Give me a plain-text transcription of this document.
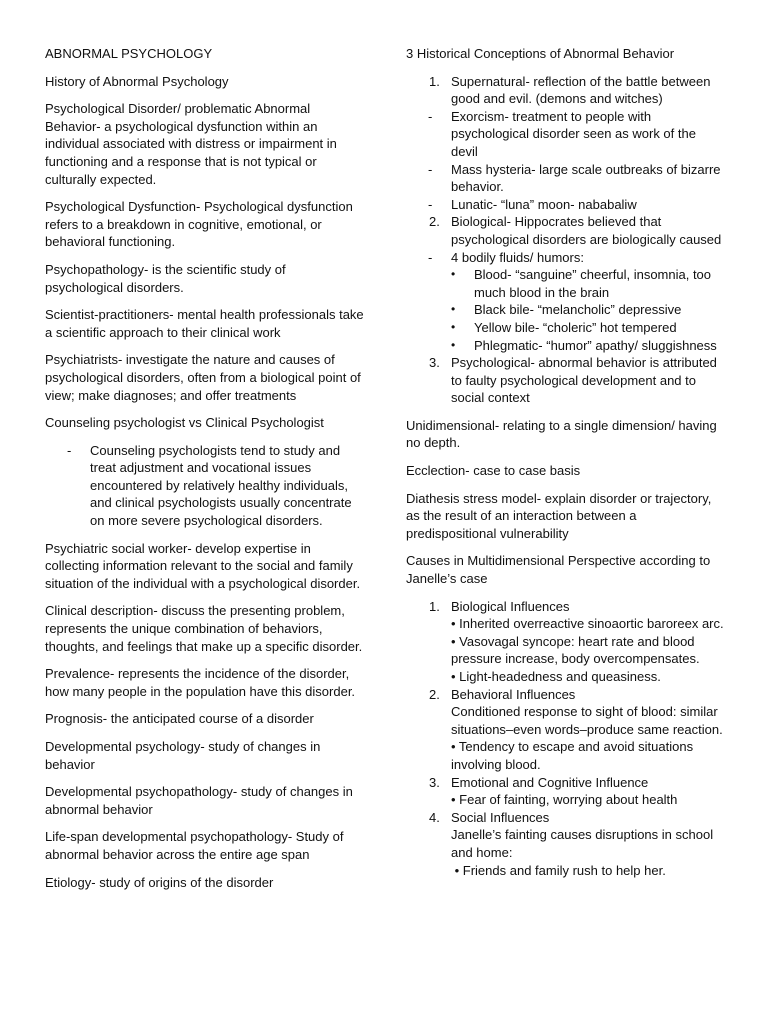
ABNORMAL PSYCHOLOGY

History of Abnormal Psychology

Psychological Disorder/ problematic Abnormal Behavior- a psychological dysfunction within an individual associated with distress or impairment in functioning and a response that is not typical or culturally expected.

Psychological Dysfunction- Psychological dysfunction refers to a breakdown in cognitive, emotional, or behavioral functioning.

Psychopathology- is the scientific study of psychological disorders.

Scientist-practitioners- mental health professionals take a scientific approach to their clinical work

Psychiatrists- investigate the nature and causes of psychological disorders, often from a biological point of view; make diagnoses; and offer treatments

Counseling psychologist vs Clinical Psychologist

-	Counseling psychologists tend to study and treat adjustment and vocational issues encountered by relatively healthy individuals, and clinical psychologists usually concentrate on more severe psychological disorders.

Psychiatric social worker- develop expertise in collecting information relevant to the social and family situation of the individual with a psychological disorder.

Clinical description- discuss the presenting problem, represents the unique combination of behaviors, thoughts, and feelings that make up a specific disorder.

Prevalence- represents the incidence of the disorder, how many people in the population have this disorder.

Prognosis- the anticipated course of a disorder

Developmental psychology- study of changes in behavior

Developmental psychopathology- study of changes in abnormal behavior

Life-span developmental psychopathology- Study of abnormal behavior across the entire age span

Etiology- study of origins of the disorder

3 Historical Conceptions of Abnormal Behavior

1. Supernatural- reflection of the battle between good and evil. (demons and witches)
-	Exorcism- treatment to people with psychological disorder seen as work of the devil
-	Mass hysteria- large scale outbreaks of bizarre behavior.
-	Lunatic- “luna” moon- nababaliw
2. Biological- Hippocrates believed that psychological disorders are biologically caused
-	4 bodily fluids/ humors:
•	Blood- “sanguine” cheerful, insomnia, too much blood in the brain
•	Black bile- “melancholic” depressive
•	Yellow bile- “choleric” hot tempered
•	Phlegmatic- “humor” apathy/ sluggishness
3. Psychological- abnormal behavior is attributed to faulty psychological development and to social context

Unidimensional- relating to a single dimension/ having no depth.

Ecclection- case to case basis

Diathesis stress model- explain disorder or trajectory, as the result of an interaction between a predispositional vulnerability

Causes in Multidimensional Perspective according to Janelle’s case

1. Biological Influences
• Inherited overreactive sinoaortic baroreex arc.
• Vasovagal syncope: heart rate and blood pressure increase, body overcompensates.
• Light-headedness and queasiness.
2. Behavioral Influences
Conditioned response to sight of blood: similar situations–even words–produce same reaction.
• Tendency to escape and avoid situations involving blood.
3. Emotional and Cognitive Influence
• Fear of fainting, worrying about health
4. Social Influences
Janelle’s fainting causes disruptions in school and home:
• Friends and family rush to help her.
